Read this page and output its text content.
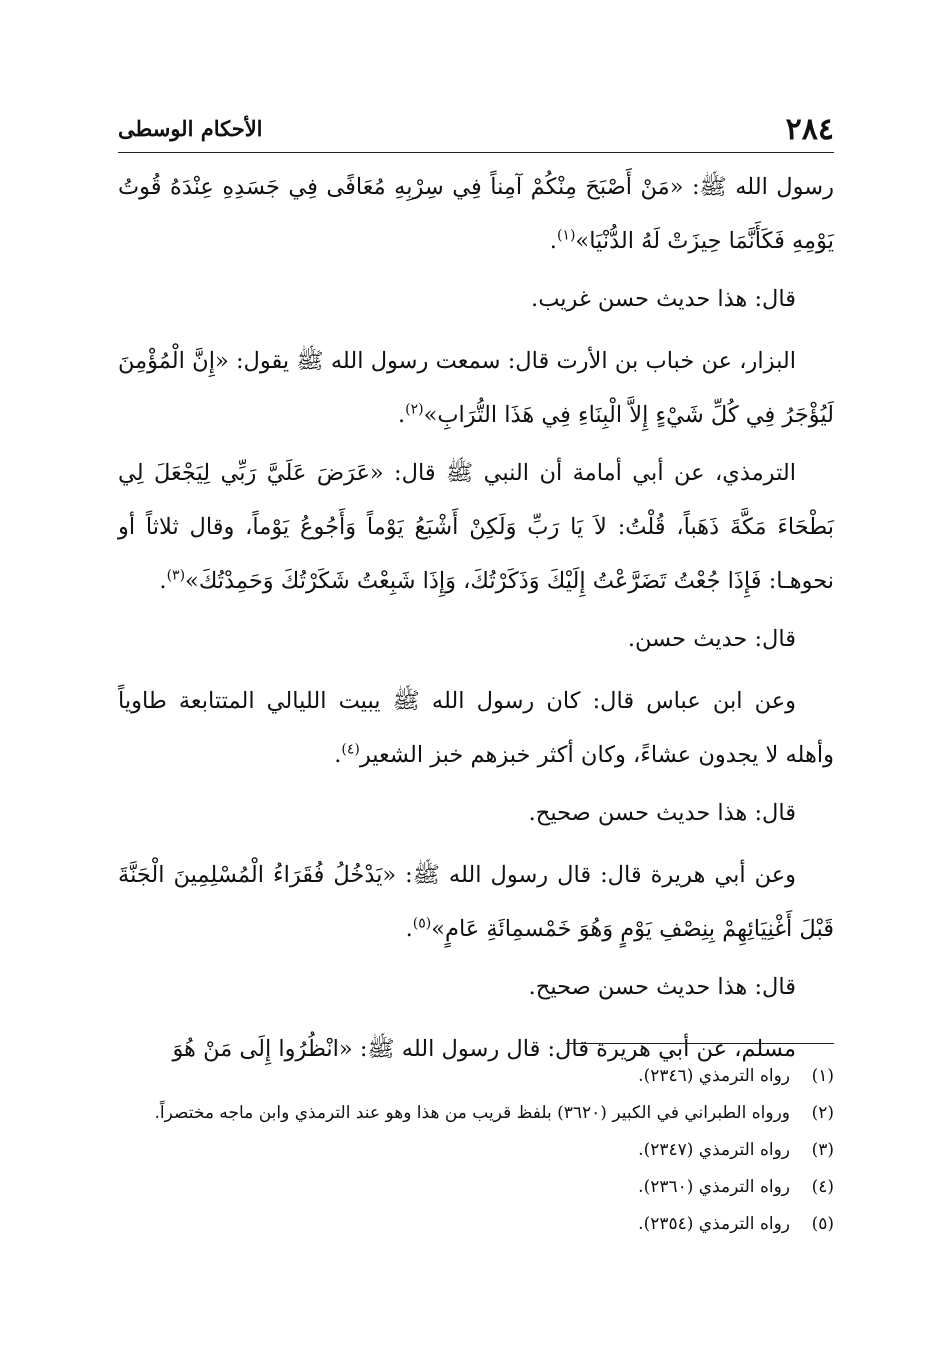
٢٨٤
الأحكام الوسطى

رسول الله ﷺ: «مَنْ أَصْبَحَ مِنْكُمْ آمِناً فِي سِرْبِهِ مُعَافًى فِي جَسَدِهِ عِنْدَهُ قُوتُ يَوْمِهِ فَكَأَنَّمَا حِيزَتْ لَهُ الدُّنْيَا»$^{(١)}$.

قال: هذا حديث حسن غريب.

البزار، عن خباب بن الأرت قال: سمعت رسول الله ﷺ يقول: «إِنَّ الْمُؤْمِنَ لَيُؤْجَرُ فِي كُلِّ شَيْءٍ إِلاَّ الْبِنَاءِ فِي هَذَا التُّرَابِ»$^{(٢)}$.

الترمذي، عن أبي أمامة أن النبي ﷺ قال: «عَرَضَ عَلَيَّ رَبِّي لِيَجْعَلَ لِي بَطْحَاءَ مَكَّةَ ذَهَباً، قُلْتُ: لاَ يَا رَبِّ وَلَكِنْ أَشْبَعُ يَوْماً وَأَجُوعُ يَوْماً، وقال ثلاثاً أو نحوهـا: فَإِذَا جُعْتُ تَضَرَّعْتُ إِلَيْكَ وَذَكَرْتُكَ، وَإِذَا شَبِعْتُ شَكَرْتُكَ وَحَمِدْتُكَ»$^{(٣)}$.

قال: حديث حسن.

وعن ابن عباس قال: كان رسول الله ﷺ يبيت الليالي المتتابعة طاوياً وأهله لا يجدون عشاءً، وكان أكثر خبزهم خبز الشعير$^{(٤)}$.

قال: هذا حديث حسن صحيح.

وعن أبي هريرة قال: قال رسول الله ﷺ: «يَدْخُلُ فُقَرَاءُ الْمُسْلِمِينَ الْجَنَّةَ قَبْلَ أَغْنِيَائِهِمْ بِنِصْفِ يَوْمٍ وَهُوَ خَمْسمِائَةِ عَامٍ»$^{(٥)}$.

قال: هذا حديث حسن صحيح.

مسلم، عن أبي هريرة قال: قال رسول الله ﷺ: «انْظُرُوا إِلَى مَنْ هُوَ

(١)
رواه الترمذي (٢٣٤٦).
(٢)
ورواه الطبراني في الكبير (٣٦٢٠) بلفظ قريب من هذا وهو عند الترمذي وابن ماجه مختصراً.
(٣)
رواه الترمذي (٢٣٤٧).
(٤)
رواه الترمذي (٢٣٦٠).
(٥)
رواه الترمذي (٢٣٥٤).
